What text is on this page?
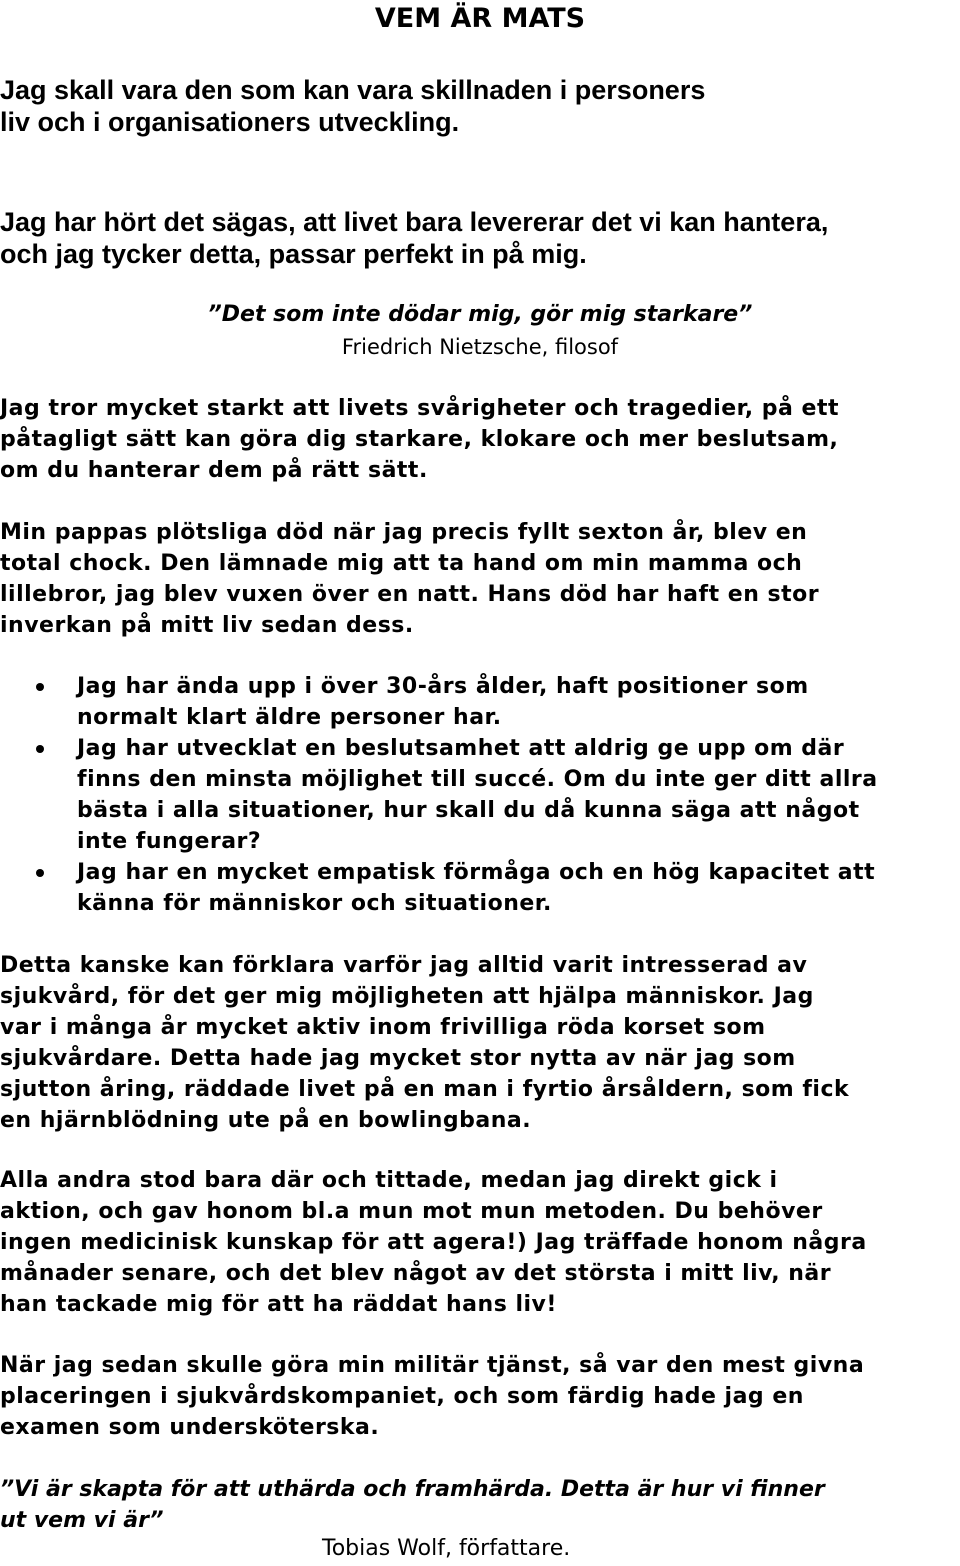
VEM ÄR MATS

Jag skall vara den som kan vara skillnaden i personers
liv och i organisationers utveckling.

Jag har hört det sägas, att livet bara levererar det vi kan hantera,
och jag tycker detta, passar perfekt in på mig.

”Det som inte dödar mig, gör mig starkare”
Friedrich Nietzsche, filosof

Jag tror mycket starkt att livets svårigheter och tragedier, på ett
påtagligt sätt kan göra dig starkare, klokare och mer beslutsam,
om du hanterar dem på rätt sätt.

Min pappas plötsliga död när jag precis fyllt sexton år, blev en
total chock. Den lämnade mig att ta hand om min mamma och
lillebror, jag blev vuxen över en natt. Hans död har haft en stor
inverkan på mitt liv sedan dess.

Jag har ända upp i över 30-års ålder, haft positioner som
normalt klart äldre personer har.
Jag har utvecklat en beslutsamhet att aldrig ge upp om där
finns den minsta möjlighet till succé. Om du inte ger ditt allra
bästa i alla situationer, hur skall du då kunna säga att något
inte fungerar?
Jag har en mycket empatisk förmåga och en hög kapacitet att
känna för människor och situationer.

Detta kanske kan förklara varför jag alltid varit intresserad av
sjukvård, för det ger mig möjligheten att hjälpa människor. Jag
var i många år mycket aktiv inom frivilliga röda korset som
sjukvårdare. Detta hade jag mycket stor nytta av när jag som
sjutton åring, räddade livet på en man i fyrtio årsåldern, som fick
en hjärnblödning ute på en bowlingbana.

Alla andra stod bara där och tittade, medan jag direkt gick i
aktion, och gav honom bl.a mun mot mun metoden. Du behöver
ingen medicinisk kunskap för att agera!) Jag träffade honom några
månader senare, och det blev något av det största i mitt liv, när
han tackade mig för att ha räddat hans liv!

När jag sedan skulle göra min militär tjänst, så var den mest givna
placeringen i sjukvårdskompaniet, och som färdig hade jag en
examen som undersköterska.

”Vi är skapta för att uthärda och framhärda. Detta är hur vi finner
ut vem vi är”
Tobias Wolf, författare.
